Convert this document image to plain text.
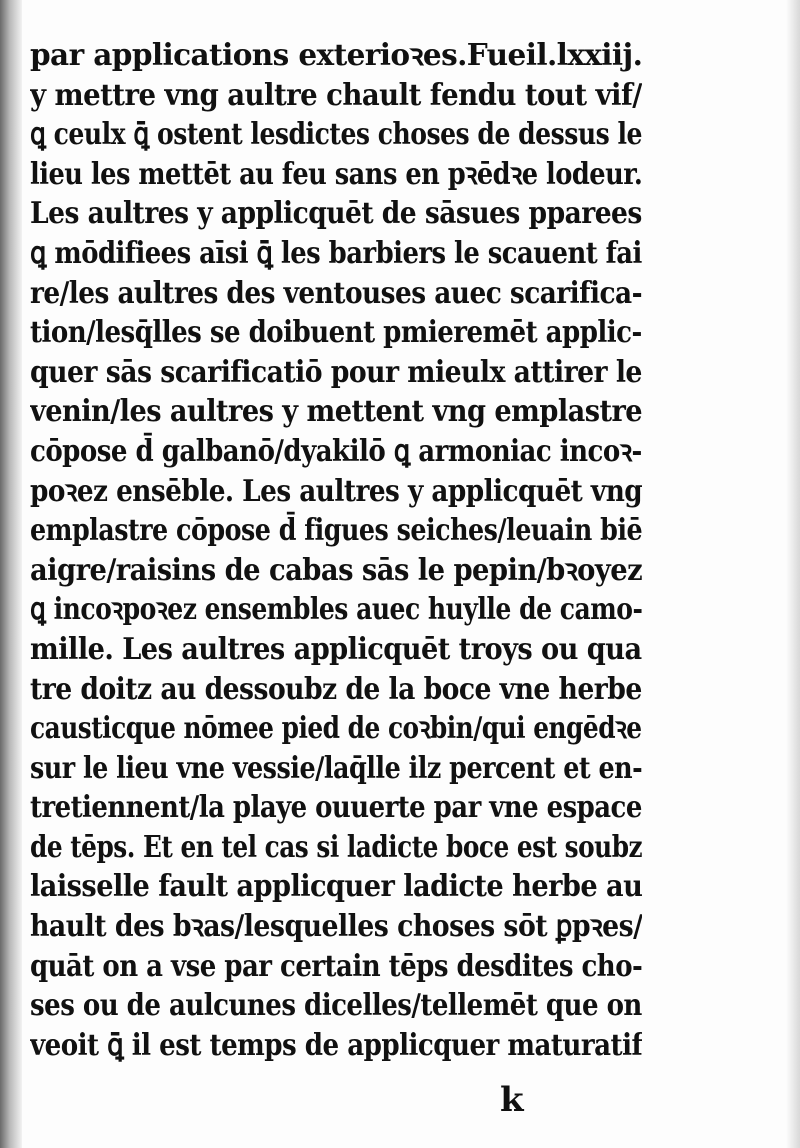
par applications exterioꝛes. Fueil.lxxiij.
y mettre vng aultre chault fendu tout vif/
ꝗ ceulx ꝗ̄ ostent lesdictes choses de dessus le
lieu les mettēt au feu sans en pꝛēdꝛe lodeur.
Les aultres y applicquēt de sāsues pparees
ꝗ mōdifiees aīsi ꝗ̄ les barbiers le scauent fai
re/les aultres des ventouses auec scarifica-
tion/lesq̄lles se doibuent pmieremēt applic-
quer sās scarificatiō pour mieulx attirer le
venin/les aultres y mettent vng emplastre
cōpose d̄ galbanō/dyakilō ꝗ armoniac incoꝛ-
poꝛez ensēble. Les aultres y applicquēt vng
emplastre cōpose d̄ figues seiches/leuain biē
aigre/raisins de cabas sās le pepin/bꝛoyez
ꝗ incoꝛpoꝛez ensembles auec huylle de camo-
mille. Les aultres applicquēt troys ou qua
tre doitz au dessoubz de la boce vne herbe
causticque nōmee pied de coꝛbin/qui engēdꝛe
sur le lieu vne vessie/laq̄lle ilz percent et en-
tretiennent/la playe ouuerte par vne espace
de tēps. Et en tel cas si ladicte boce est soubz
laissellе fault applicquer ladicte herbe au
hault des bꝛas/lesquelles choses sōt ꝑpꝛes/
quāt on a vse par certain tēps desdites cho-
ses ou de aulcunes dicelles/tellemēt que on
veoit ꝗ̄ il est temps de applicquer maturatif
k
